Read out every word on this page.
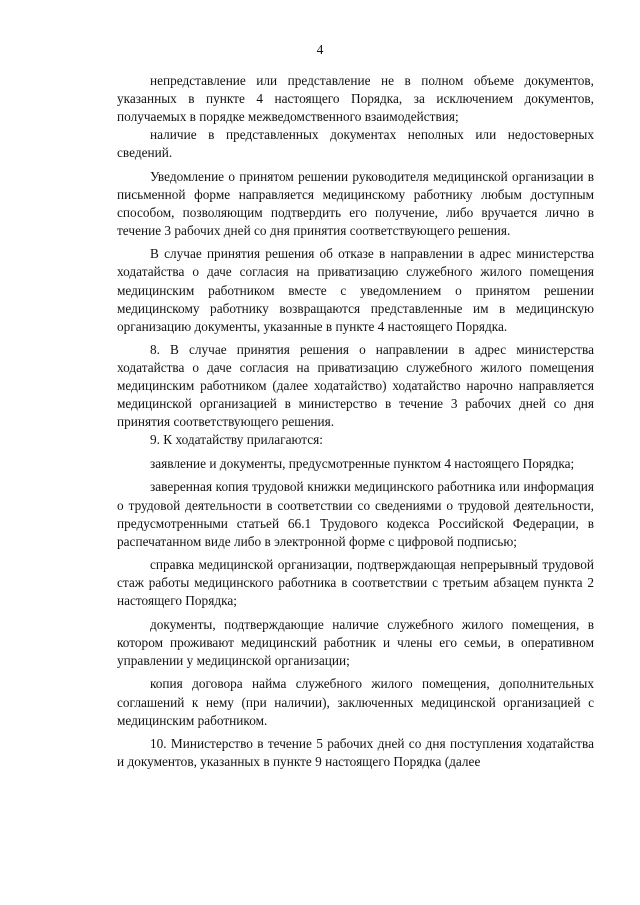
4

непредставление или представление не в полном объеме документов, указанных в пункте 4 настоящего Порядка, за исключением документов, получаемых в порядке межведомственного взаимодействия;

наличие в представленных документах неполных или недостоверных сведений.

Уведомление о принятом решении руководителя медицинской организации в письменной форме направляется медицинскому работнику любым доступным способом, позволяющим подтвердить его получение, либо вручается лично в течение 3 рабочих дней со дня принятия соответствующего решения.

В случае принятия решения об отказе в направлении в адрес министерства ходатайства о даче согласия на приватизацию служебного жилого помещения медицинским работником вместе с уведомлением о принятом решении медицинскому работнику возвращаются представленные им в медицинскую организацию документы, указанные в пункте 4 настоящего Порядка.

8. В случае принятия решения о направлении в адрес министерства ходатайства о даче согласия на приватизацию служебного жилого помещения медицинским работником (далее ходатайство) ходатайство нарочно направляется медицинской организацией в министерство в течение 3 рабочих дней со дня принятия соответствующего решения.

9. К ходатайству прилагаются:

заявление и документы, предусмотренные пунктом 4 настоящего Порядка;

заверенная копия трудовой книжки медицинского работника или информация о трудовой деятельности в соответствии со сведениями о трудовой деятельности, предусмотренными статьей 66.1 Трудового кодекса Российской Федерации, в распечатанном виде либо в электронной форме с цифровой подписью;

справка медицинской организации, подтверждающая непрерывный трудовой стаж работы медицинского работника в соответствии с третьим абзацем пункта 2 настоящего Порядка;

документы, подтверждающие наличие служебного жилого помещения, в котором проживают медицинский работник и члены его семьи, в оперативном управлении у медицинской организации;

копия договора найма служебного жилого помещения, дополнительных соглашений к нему (при наличии), заключенных медицинской организацией с медицинским работником.

10. Министерство в течение 5 рабочих дней со дня поступления ходатайства и документов, указанных в пункте 9 настоящего Порядка (далее
